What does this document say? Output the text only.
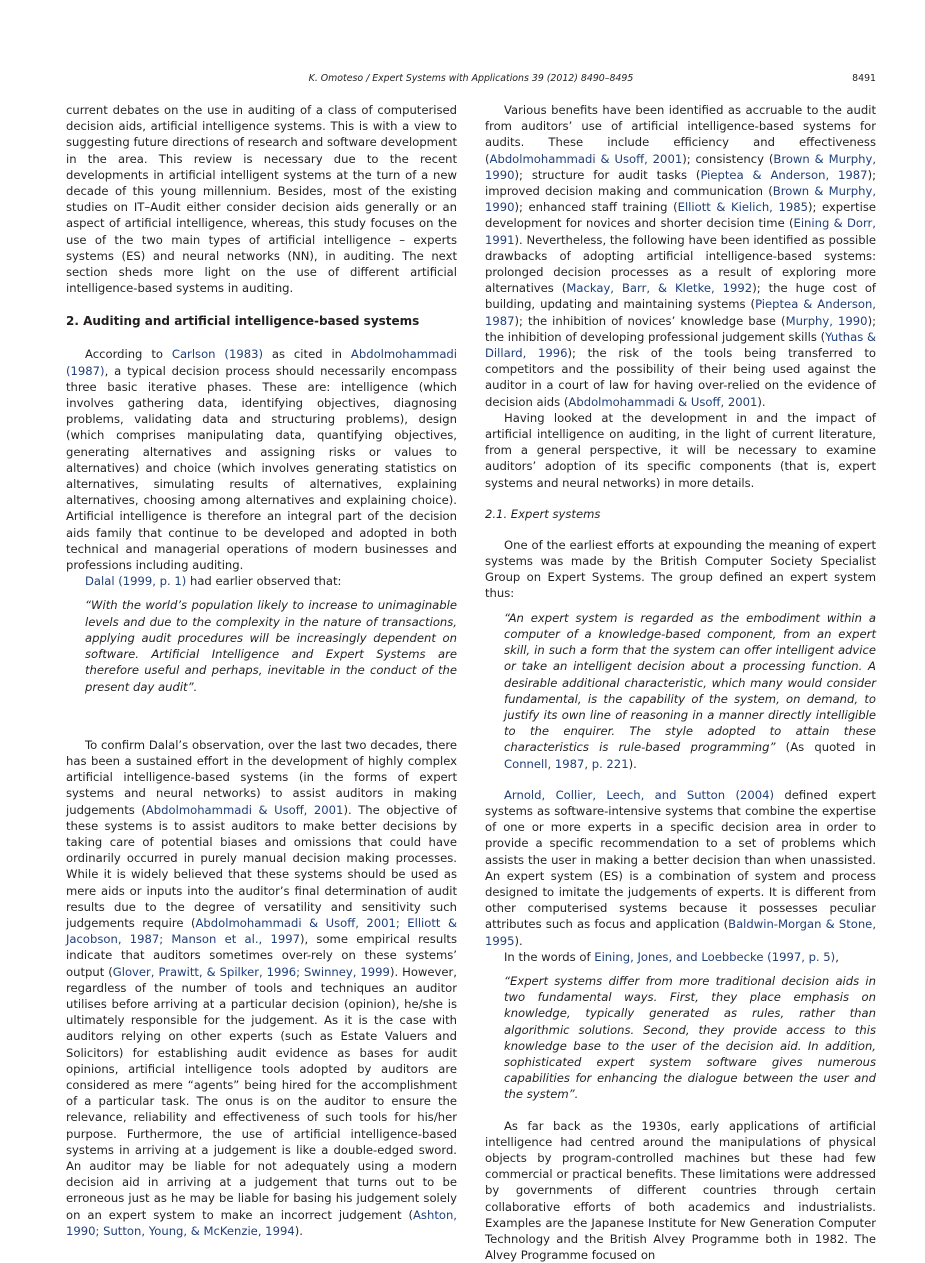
K. Omoteso / Expert Systems with Applications 39 (2012) 8490–8495	8491

current debates on the use in auditing of a class of computerised decision aids, artificial intelligence systems. This is with a view to suggesting future directions of research and software development in the area. This review is necessary due to the recent developments in artificial intelligent systems at the turn of a new decade of this young millennium. Besides, most of the existing studies on IT–Audit either consider decision aids generally or an aspect of artificial intelligence, whereas, this study focuses on the use of the two main types of artificial intelligence – experts systems (ES) and neural networks (NN), in auditing. The next section sheds more light on the use of different artificial intelligence-based systems in auditing.

2. Auditing and artificial intelligence-based systems

According to Carlson (1983) as cited in Abdolmohammadi (1987), a typical decision process should necessarily encompass three basic iterative phases. These are: intelligence (which involves gathering data, identifying objectives, diagnosing problems, validating data and structuring problems), design (which comprises manipulating data, quantifying objectives, generating alternatives and assigning risks or values to alternatives) and choice (which involves generating statistics on alternatives, simulating results of alternatives, explaining alternatives, choosing among alternatives and explaining choice). Artificial intelligence is therefore an integral part of the decision aids family that continue to be developed and adopted in both technical and managerial operations of modern businesses and professions including auditing.

Dalal (1999, p. 1) had earlier observed that:

“With the world’s population likely to increase to unimaginable levels and due to the complexity in the nature of transactions, applying audit procedures will be increasingly dependent on software. Artificial Intelligence and Expert Systems are therefore useful and perhaps, inevitable in the conduct of the present day audit”.

To confirm Dalal’s observation, over the last two decades, there has been a sustained effort in the development of highly complex artificial intelligence-based systems (in the forms of expert systems and neural networks) to assist auditors in making judgements (Abdolmohammadi & Usoff, 2001). The objective of these systems is to assist auditors to make better decisions by taking care of potential biases and omissions that could have ordinarily occurred in purely manual decision making processes. While it is widely believed that these systems should be used as mere aids or inputs into the auditor’s final determination of audit results due to the degree of versatility and sensitivity such judgements require (Abdolmohammadi & Usoff, 2001; Elliott & Jacobson, 1987; Manson et al., 1997), some empirical results indicate that auditors sometimes over-rely on these systems’ output (Glover, Prawitt, & Spilker, 1996; Swinney, 1999). However, regardless of the number of tools and techniques an auditor utilises before arriving at a particular decision (opinion), he/she is ultimately responsible for the judgement. As it is the case with auditors relying on other experts (such as Estate Valuers and Solicitors) for establishing audit evidence as bases for audit opinions, artificial intelligence tools adopted by auditors are considered as mere “agents” being hired for the accomplishment of a particular task. The onus is on the auditor to ensure the relevance, reliability and effectiveness of such tools for his/her purpose. Furthermore, the use of artificial intelligence-based systems in arriving at a judgement is like a double-edged sword. An auditor may be liable for not adequately using a modern decision aid in arriving at a judgement that turns out to be erroneous just as he may be liable for basing his judgement solely on an expert system to make an incorrect judgement (Ashton, 1990; Sutton, Young, & McKenzie, 1994).

Various benefits have been identified as accruable to the audit from auditors’ use of artificial intelligence-based systems for audits. These include efficiency and effectiveness (Abdolmohammadi & Usoff, 2001); consistency (Brown & Murphy, 1990); structure for audit tasks (Pieptea & Anderson, 1987); improved decision making and communication (Brown & Murphy, 1990); enhanced staff training (Elliott & Kielich, 1985); expertise development for novices and shorter decision time (Eining & Dorr, 1991). Nevertheless, the following have been identified as possible drawbacks of adopting artificial intelligence-based systems: prolonged decision processes as a result of exploring more alternatives (Mackay, Barr, & Kletke, 1992); the huge cost of building, updating and maintaining systems (Pieptea & Anderson, 1987); the inhibition of novices’ knowledge base (Murphy, 1990); the inhibition of developing professional judgement skills (Yuthas & Dillard, 1996); the risk of the tools being transferred to competitors and the possibility of their being used against the auditor in a court of law for having over-relied on the evidence of decision aids (Abdolmohammadi & Usoff, 2001).

Having looked at the development in and the impact of artificial intelligence on auditing, in the light of current literature, from a general perspective, it will be necessary to examine auditors’ adoption of its specific components (that is, expert systems and neural networks) in more details.

2.1. Expert systems

One of the earliest efforts at expounding the meaning of expert systems was made by the British Computer Society Specialist Group on Expert Systems. The group defined an expert system thus:

“An expert system is regarded as the embodiment within a computer of a knowledge-based component, from an expert skill, in such a form that the system can offer intelligent advice or take an intelligent decision about a processing function. A desirable additional characteristic, which many would consider fundamental, is the capability of the system, on demand, to justify its own line of reasoning in a manner directly intelligible to the enquirer. The style adopted to attain these characteristics is rule-based programming” (As quoted in Connell, 1987, p. 221).

Arnold, Collier, Leech, and Sutton (2004) defined expert systems as software-intensive systems that combine the expertise of one or more experts in a specific decision area in order to provide a specific recommendation to a set of problems which assists the user in making a better decision than when unassisted. An expert system (ES) is a combination of system and process designed to imitate the judgements of experts. It is different from other computerised systems because it possesses peculiar attributes such as focus and application (Baldwin-Morgan & Stone, 1995).

In the words of Eining, Jones, and Loebbecke (1997, p. 5),

“Expert systems differ from more traditional decision aids in two fundamental ways. First, they place emphasis on knowledge, typically generated as rules, rather than algorithmic solutions. Second, they provide access to this knowledge base to the user of the decision aid. In addition, sophisticated expert system software gives numerous capabilities for enhancing the dialogue between the user and the system”.

As far back as the 1930s, early applications of artificial intelligence had centred around the manipulations of physical objects by program-controlled machines but these had few commercial or practical benefits. These limitations were addressed by governments of different countries through certain collaborative efforts of both academics and industrialists. Examples are the Japanese Institute for New Generation Computer Technology and the British Alvey Programme both in 1982. The Alvey Programme focused on
